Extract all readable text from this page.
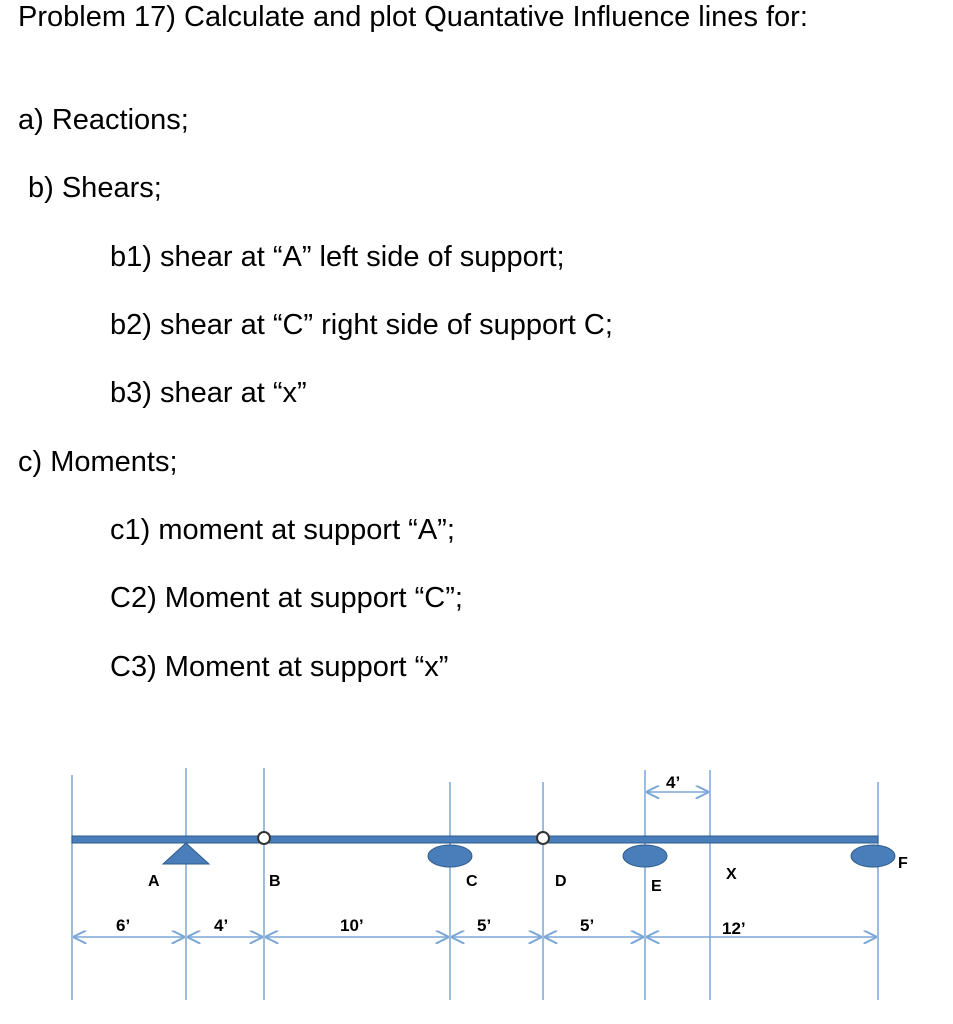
Problem 17) Calculate and plot Quantative Influence lines for:
a) Reactions;
b) Shears;
b1) shear at “A” left side of support;
b2) shear at “C” right side of support C;
b3) shear at “x”
c) Moments;
c1) moment at support “A”;
C2) Moment at support “C”;
C3) Moment at support “x”
4’
A	B	C	D	E
X
F
6’	4’	10’	5’	5’	12’
